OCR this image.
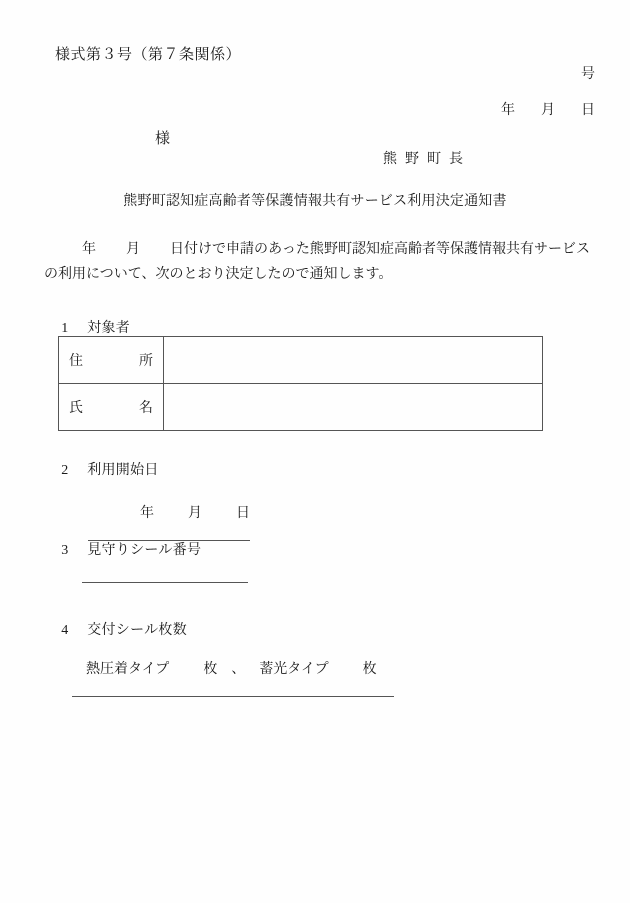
様式第３号（第７条関係）
号

年 月 日

様
熊野町長
熊野町認知症高齢者等保護情報共有サービス利用決定通知書
年 月 日付けで申請のあった熊野町認知症高齢者等保護情報共有サービスの利用について、次のとおり決定したので通知します。

1 対象者

住所	
氏名	

2 利用開始日

年 月 日

3 見守りシール番号

4 交付シール枚数

熱圧着タイプ 枚 、 蓄光タイプ 枚
